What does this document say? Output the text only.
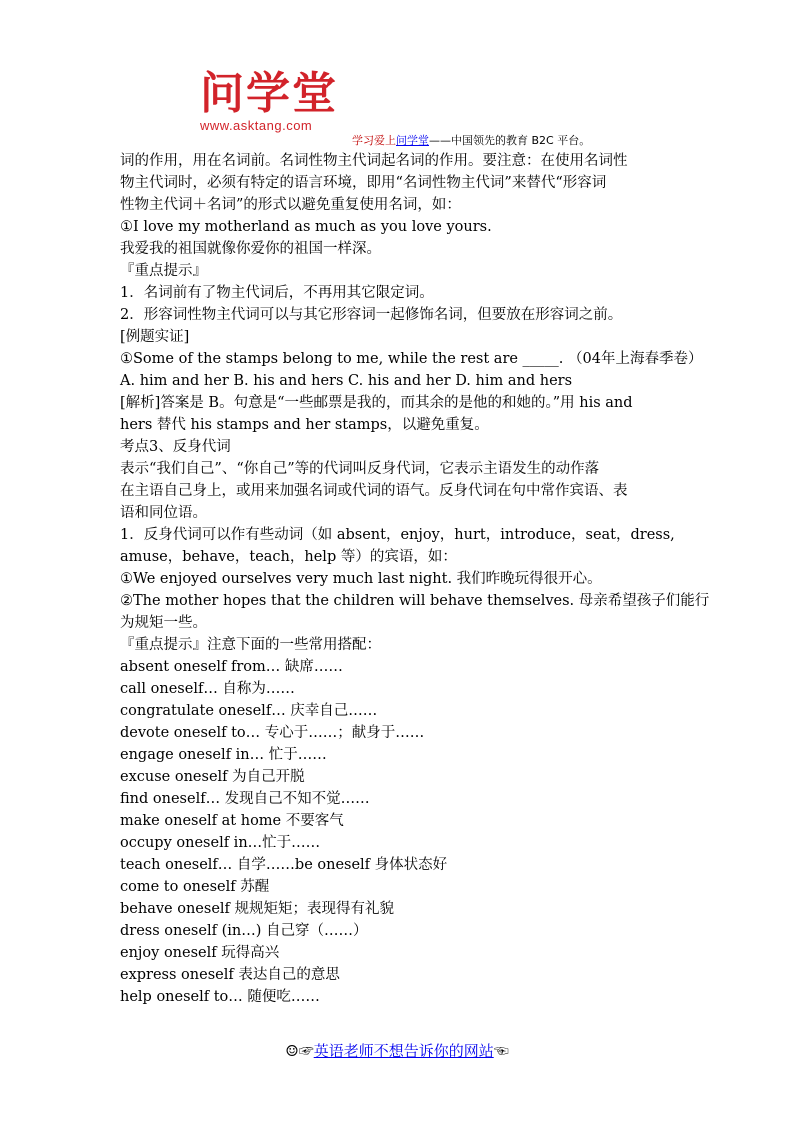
问学堂
www.asktang.com
学习爱上问学堂——中国领先的教育 B2C 平台。
词的作用，用在名词前。名词性物主代词起名词的作用。要注意：在使用名词性
物主代词时，必须有特定的语言环境，即用“名词性物主代词”来替代“形容词
性物主代词＋名词”的形式以避免重复使用名词，如：
①I love my motherland as much as you love yours.
我爱我的祖国就像你爱你的祖国一样深。
『重点提示』
1．名词前有了物主代词后，不再用其它限定词。
2．形容词性物主代词可以与其它形容词一起修饰名词，但要放在形容词之前。
[例题实证]
①Some of the stamps belong to me, while the rest are _____. （04年上海春季卷）
A. him and her B. his and hers C. his and her D. him and hers
[解析]答案是 B。句意是“一些邮票是我的，而其余的是他的和她的。”用 his and
hers 替代 his stamps and her stamps，以避免重复。
考点3、反身代词
表示“我们自己”、“你自己”等的代词叫反身代词，它表示主语发生的动作落
在主语自己身上，或用来加强名词或代词的语气。反身代词在句中常作宾语、表
语和同位语。
1．反身代词可以作有些动词（如 absent，enjoy，hurt，introduce，seat，dress,
amuse，behave，teach，help 等）的宾语，如：
①We enjoyed ourselves very much last night. 我们昨晚玩得很开心。
②The mother hopes that the children will behave themselves. 母亲希望孩子们能行
为规矩一些。
『重点提示』注意下面的一些常用搭配：
absent oneself from… 缺席……
call oneself… 自称为……
congratulate oneself… 庆幸自己……
devote oneself to… 专心于……；献身于……
engage oneself in… 忙于……
excuse oneself 为自己开脱
find oneself… 发现自己不知不觉……
make oneself at home 不要客气
occupy oneself in…忙于……
teach oneself… 自学……be oneself 身体状态好
come to oneself 苏醒
behave oneself 规规矩矩；表现得有礼貌
dress oneself (in…) 自己穿（……）
enjoy oneself 玩得高兴
express oneself 表达自己的意思
help oneself to… 随便吃……
☺☞英语老师不想告诉你的网站☜
